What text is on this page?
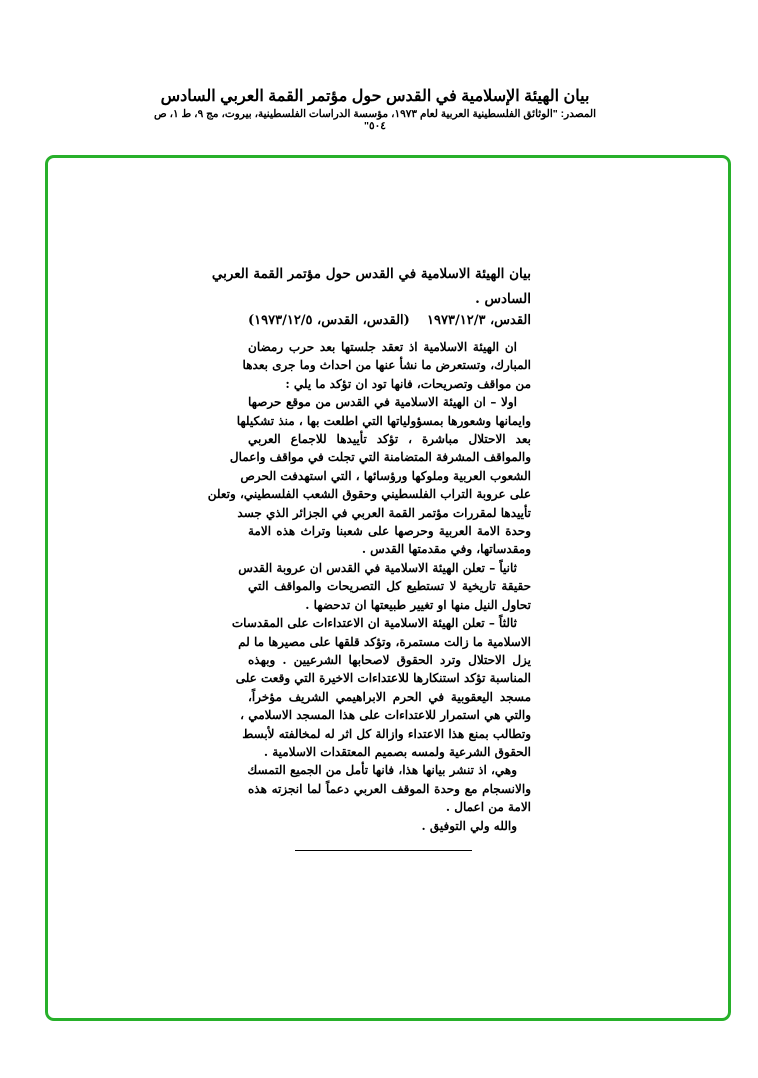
بيان الهيئة الإسلامية في القدس حول مؤتمر القمة العربي السادس
المصدر: "الوثائق الفلسطينية العربية لعام ١٩٧٣، مؤسسة الدراسات الفلسطينية، بيروت، مج ٩، ط ١، ص ٥٠٤"
بيان الهيئة الاسلامية في القدس حول مؤتمر القمة العربي
السادس .
القدس، ١٩٧٣/١٢/٣
(القدس، القدس، ١٩٧٣/١٢/٥)
ان الهيئة الاسلامية اذ تعقد جلستها بعد حرب رمضان
المبارك، وتستعرض ما نشأ عنها من احداث وما جرى بعدها
من مواقف وتصريحات، فانها تود ان تؤكد ما يلي :
اولا – ان الهيئة الاسلامية في القدس من موقع حرصها
وايمانها وشعورها بمسؤولياتها التي اطلعت بها ، منذ تشكيلها
بعد الاحتلال مباشرة ، تؤكد تأييدها للاجماع العربي
والمواقف المشرفة المتضامنة التي تجلت في مواقف واعمال
الشعوب العربية وملوكها ورؤسائها ، التي استهدفت الحرص
على عروبة التراب الفلسطيني وحقوق الشعب الفلسطيني، وتعلن
تأييدها لمقررات مؤتمر القمة العربي في الجزائر الذي جسد
وحدة الامة العربية وحرصها على شعبنا وتراث هذه الامة
ومقدساتها، وفي مقدمتها القدس .
ثانياً – تعلن الهيئة الاسلامية في القدس ان عروبة القدس
حقيقة تاريخية لا تستطيع كل التصريحات والمواقف التي
تحاول النيل منها او تغيير طبيعتها ان تدحضها .
ثالثاً – تعلن الهيئة الاسلامية ان الاعتداءات على المقدسات
الاسلامية ما زالت مستمرة، وتؤكد قلقها على مصيرها ما لم
يزل الاحتلال وترد الحقوق لاصحابها الشرعيين . وبهذه
المناسبة تؤكد استنكارها للاعتداءات الاخيرة التي وقعت على
مسجد اليعقوبية في الحرم الابراهيمي الشريف مؤخراً،
والتي هي استمرار للاعتداءات على هذا المسجد الاسلامي ،
وتطالب بمنع هذا الاعتداء وازالة كل اثر له لمخالفته لأبسط
الحقوق الشرعية ولمسه بصميم المعتقدات الاسلامية .
وهي، اذ تنشر بيانها هذا، فانها تأمل من الجميع التمسك
والانسجام مع وحدة الموقف العربي دعماً لما انجزته هذه
الامة من اعمال .
والله ولي التوفيق .
